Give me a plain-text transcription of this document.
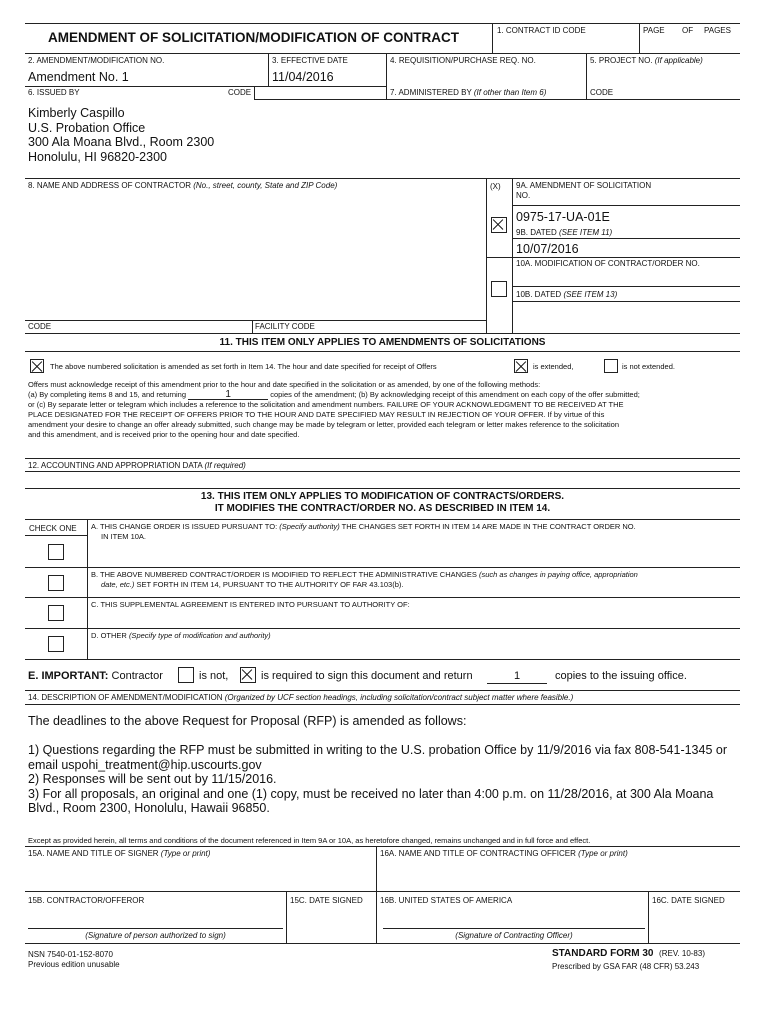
AMENDMENT OF SOLICITATION/MODIFICATION OF CONTRACT	1. CONTRACT ID CODE	PAGE OF PAGES
2. AMENDMENT/MODIFICATION NO.
Amendment No. 1
3. EFFECTIVE DATE
11/04/2016
4. REQUISITION/PURCHASE REQ. NO.	5. PROJECT NO. (If applicable)
6. ISSUED BY	CODE	7. ADMINISTERED BY (If other than Item 6)	CODE
Kimberly Caspillo
U.S. Probation Office
300 Ala Moana Blvd., Room 2300
Honolulu, HI 96820-2300
8. NAME AND ADDRESS OF CONTRACTOR (No., street, county, State and ZIP Code)	(X) 9A. AMENDMENT OF SOLICITATION
NO.
0975-17-UA-01E
9B. DATED (SEE ITEM 11)
10/07/2016
10A. MODIFICATION OF CONTRACT/ORDER NO.
10B. DATED (SEE ITEM 13)
CODE	FACILITY CODE
11. THIS ITEM ONLY APPLIES TO AMENDMENTS OF SOLICITATIONS
The above numbered solicitation is amended as set forth in Item 14. The hour and date specified for receipt of Offers	is extended,	is not extended.
Offers must acknowledge receipt of this amendment prior to the hour and date specified in the solicitation or as amended, by one of the following methods:
(a) By completing items 8 and 15, and returning	1	copies of the amendment; (b) By acknowledging receipt of this amendment on each copy of the offer submitted;
or (c) By separate letter or telegram which includes a reference to the solicitation and amendment numbers. FAILURE OF YOUR ACKNOWLEDGMENT TO BE RECEIVED AT THE
PLACE DESIGNATED FOR THE RECEIPT OF OFFERS PRIOR TO THE HOUR AND DATE SPECIFIED MAY RESULT IN REJECTION OF YOUR OFFER. If by virtue of this
amendment your desire to change an offer already submitted, such change may be made by telegram or letter, provided each telegram or letter makes reference to the solicitation
and this amendment, and is received prior to the opening hour and date specified.
12. ACCOUNTING AND APPROPRIATION DATA (If required)
13. THIS ITEM ONLY APPLIES TO MODIFICATION OF CONTRACTS/ORDERS.
IT MODIFIES THE CONTRACT/ORDER NO. AS DESCRIBED IN ITEM 14.
CHECK ONE A. THIS CHANGE ORDER IS ISSUED PURSUANT TO: (Specify authority) THE CHANGES SET FORTH IN ITEM 14 ARE MADE IN THE CONTRACT ORDER NO.
IN ITEM 10A.
B. THE ABOVE NUMBERED CONTRACT/ORDER IS MODIFIED TO REFLECT THE ADMINISTRATIVE CHANGES (such as changes in paying office, appropriation
date, etc.) SET FORTH IN ITEM 14, PURSUANT TO THE AUTHORITY OF FAR 43.103(b).
C. THIS SUPPLEMENTAL AGREEMENT IS ENTERED INTO PURSUANT TO AUTHORITY OF:
D. OTHER (Specify type of modification and authority)
E. IMPORTANT: Contractor	is not,	is required to sign this document and return	1	copies to the issuing office.
14. DESCRIPTION OF AMENDMENT/MODIFICATION (Organized by UCF section headings, including solicitation/contract subject matter where feasible.)
The deadlines to the above Request for Proposal (RFP) is amended as follows:
1) Questions regarding the RFP must be submitted in writing to the U.S. probation Office by 11/9/2016 via fax 808-541-1345 or
email uspohi_treatment@hip.uscourts.gov
2) Responses will be sent out by 11/15/2016.
3) For all proposals, an original and one (1) copy, must be received no later than 4:00 p.m. on 11/28/2016, at 300 Ala Moana
Blvd., Room 2300, Honolulu, Hawaii 96850.
Except as provided herein, all terms and conditions of the document referenced in Item 9A or 10A, as heretofore changed, remains unchanged and in full force and effect.
15A. NAME AND TITLE OF SIGNER (Type or print)	16A. NAME AND TITLE OF CONTRACTING OFFICER (Type or print)
15B. CONTRACTOR/OFFEROR	15C. DATE SIGNED 16B. UNITED STATES OF AMERICA	16C. DATE SIGNED
(Signature of person authorized to sign)	(Signature of Contracting Officer)
NSN 7540-01-152-8070
Previous edition unusable
STANDARD FORM 30 (REV. 10-83)
Prescribed by GSA FAR (48 CFR) 53.243
